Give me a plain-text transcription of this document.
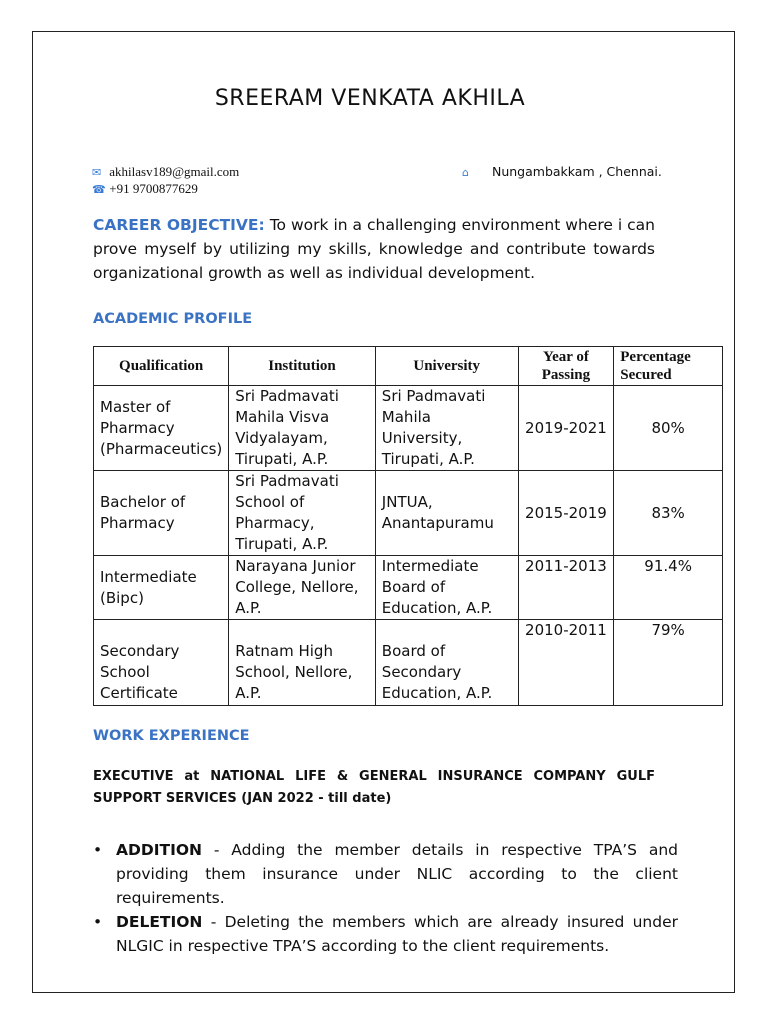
SREERAM VENKATA AKHILA
✉ akhilasv189@gmail.com
☎ +91 9700877629
⌂ Nungambakkam , Chennai.
CAREER OBJECTIVE: To work in a challenging environment where i can prove myself by utilizing my skills, knowledge and contribute towards organizational growth as well as individual development.
ACADEMIC PROFILE
Qualification	Institution	University	Year of Passing	Percentage Secured
Master of Pharmacy (Pharmaceutics)	Sri Padmavati Mahila Visva Vidyalayam, Tirupati, A.P.	Sri Padmavati Mahila University, Tirupati, A.P.	2019-2021	80%
Bachelor of Pharmacy	Sri Padmavati School of Pharmacy, Tirupati, A.P.	JNTUA, Anantapuramu	2015-2019	83%
Intermediate (Bipc)	Narayana Junior College, Nellore, A.P.	Intermediate Board of Education, A.P.	2011-2013	91.4%
Secondary School Certificate	Ratnam High School, Nellore, A.P.	Board of Secondary Education, A.P.	2010-2011	79%
WORK EXPERIENCE
EXECUTIVE at NATIONAL LIFE & GENERAL INSURANCE COMPANY GULF SUPPORT SERVICES (JAN 2022 - till date)
• ADDITION - Adding the member details in respective TPA’S and providing them insurance under NLIC according to the client requirements.
• DELETION - Deleting the members which are already insured under NLGIC in respective TPA’S according to the client requirements.
